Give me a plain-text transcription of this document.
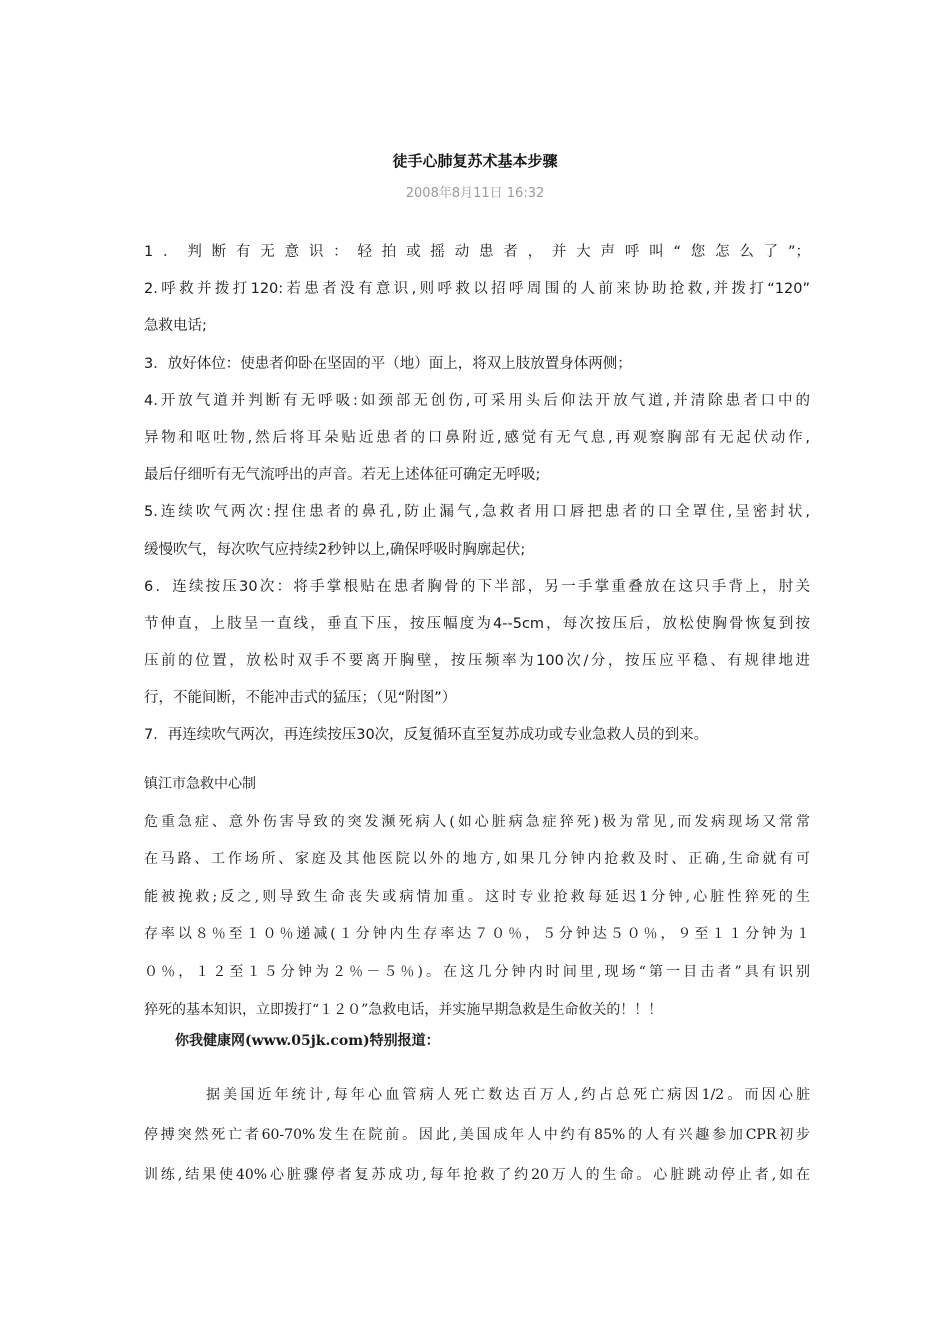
徒手心肺复苏术基本步骤
2008年8月11日 16:32
1．判断有无意识：轻拍或摇动患者，并大声呼叫“您怎么了”；
2.呼救并拨打120:若患者没有意识,则呼救以招呼周围的人前来协助抢救,并拨打“120”
急救电话;
3．放好体位：使患者仰卧在坚固的平（地）面上，将双上肢放置身体两侧；
4.开放气道并判断有无呼吸:如颈部无创伤,可采用头后仰法开放气道,并清除患者口中的
异物和呕吐物,然后将耳朵贴近患者的口鼻附近,感觉有无气息,再观察胸部有无起伏动作,
最后仔细听有无气流呼出的声音。若无上述体征可确定无呼吸;
5.连续吹气两次:捏住患者的鼻孔,防止漏气,急救者用口唇把患者的口全罩住,呈密封状,
缓慢吹气，每次吹气应持续2秒钟以上,确保呼吸时胸廓起伏;
6．连续按压30次：将手掌根贴在患者胸骨的下半部，另一手掌重叠放在这只手背上，肘关
节伸直，上肢呈一直线，垂直下压，按压幅度为4--5cm，每次按压后，放松使胸骨恢复到按
压前的位置，放松时双手不要离开胸壁，按压频率为100次/分，按压应平稳、有规律地进
行，不能间断，不能冲击式的猛压；（见“附图”）
7．再连续吹气两次，再连续按压30次，反复循环直至复苏成功或专业急救人员的到来。
镇江市急救中心制
危重急症、意外伤害导致的突发濒死病人(如心脏病急症猝死)极为常见,而发病现场又常常
在马路、工作场所、家庭及其他医院以外的地方,如果几分钟内抢救及时、正确,生命就有可
能被挽救;反之,则导致生命丧失或病情加重。这时专业抢救每延迟1分钟,心脏性猝死的生
存率以８％至１０％递减(１分钟内生存率达７０％，５分钟达５０％，９至１１分钟为１
０％，１２至１５分钟为２％－５％)。在这几分钟内时间里,现场“第一目击者”具有识别
猝死的基本知识，立即拨打“１２０”急救电话，并实施早期急救是生命攸关的！！！
你我健康网(www.05jk.com)特别报道：
据美国近年统计,每年心血管病人死亡数达百万人,约占总死亡病因1/2。而因心脏
停搏突然死亡者60-70%发生在院前。因此,美国成年人中约有85%的人有兴趣参加CPR初步
训练,结果使40%心脏骤停者复苏成功,每年抢救了约20万人的生命。心脏跳动停止者,如在
